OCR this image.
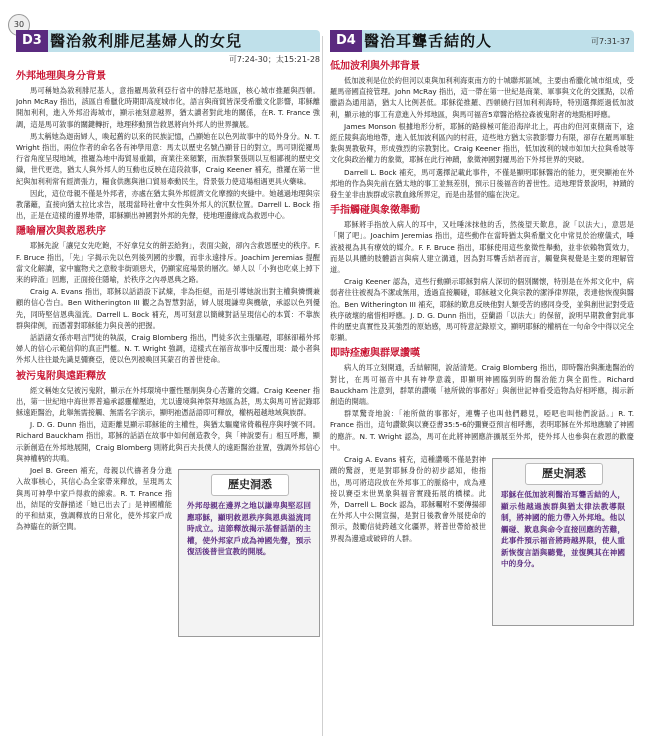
30
D3 醫治敘利腓尼基婦人的女兒
可7:24-30；太15:21-28
外邦地理與身分背景

馬可稱她為敘利腓尼基人，意指羅馬敘利亞行省中的腓尼基地區，核心城市推羅與西頓。John McRay 指出，該區自希臘化時期即高度城市化，語言與商貿皆深受希臘文化影響，耶穌離開加利利，進入外邦沿海城市，顯示祂刻意越界，猶太讀者對此地的關係，在R. T. France 強調，這是馬可敘事的關鍵轉折，地理移動預告救恩將向外邦人的世界擴展。

馬太稱她為迦南婦人，喚起舊約以來的民族記憶，凸顯她在以色列故事中的局外身分。N. T. Wright 指出，兩位作者的命名各有神學用意：馬太以歷史名號凸顯昔日的對立，馬可則從羅馬行省角度呈現地域，推羅為地中海貿易重鎮，商業往來頻繁，而族群緊張則以互相鄙視的歷史交織，世代更迭，猶太人與外邦人的互動也反映在這段敘事，Craig Keener 補充，推羅在第一世紀與加利利常有經濟張力，糧食供應與港口貿易牽動民生，背景張力使這場相遇更具火藥味。

因此，這位母親不僅是外邦者，亦處在猶太與外邦經濟文化摩擦的夾縫中。她越過地理與宗教藩籬，直接向猶太拉比求告，展現當時社會中女性與外邦人的沉默位置。Darrell L. Bock 指出，正是在這樣的邊界地帶，耶穌顯出神國對外邦的先聲，使地理邊緣成為救恩中心。

隱喻層次與救恩秩序

耶穌先說「讓兒女先吃飽，不好拿兒女的餅丟給狗」，表面尖銳，卻內含救恩歷史的秩序。F. F. Bruce 指出，「先」字揭示先以色列後列國的步驟，而非永遠排斥。Joachim Jeremias 提醒當文化解讀，家中寵物犬之意較非街頭惡犬，仍顯家庭場景的層次。婦人以「小狗也吃桌上掉下來的碎渣」回應，正面接住隱喻，於秩序之內尋恩典之路。

Craig A. Evans 指出，耶穌以話語設下試煉，非為拒絕，而是引導她說出對主權與憐憫兼顧的信心告白。Ben Witherington III 觀之為智慧對話，婦人展現謙卑與機敏，承認以色列優先，同時堅信恩典溢流。Darrell L. Bock 補充，馬可刻意以簡練對話呈現信心的本質：不靠族群與律例，而憑著對耶穌能力與良善的把握。

話語諸女孫亦唱言門徒的執誤，Craig Blomberg 指出，門徒多次主張驅趕，耶穌卻藉外邦婦人的信心示範信仰的真正門檻。N. T. Wright 強調，這樣式在福音故事中反覆出現：最小者與外邦人往往最先識見彌賽亞，使以色列被喚回其蒙召的普世使命。

被污鬼附與遠距釋放

經文稱她女兒被污鬼附，顯示在外邦環境中靈性壓制與身心苦難的交纏。Craig Keener 指出，第一世紀地中海世界普遍承認靈權壓迫，尤以邊境與神祭拜地區為甚，馬太與馬可皆記錄耶穌遠距醫治，此舉無需接觸、無需名字演示，顯明祂憑話語即可釋放，權柄超越地域與族群。

J. D. G. Dunn 指出，這距離見顯示耶穌能的主權性，與猶太驅魔常倚賴程序與呼號不同。Richard Bauckham 指出，耶穌的話語在故事中如何創造教令，與「神說要有」相互呼應，顯示新創造在外邦地展開，Craig Blomberg 則將此與百夫長僕人的遠距醫治並置，強調外邦信心與神權柄的共鳴。

歷史洞悉
外邦母親在邊界之地以謙卑與堅忍回應耶穌，顯明救恩秩序與恩典溢流同時成立。這節釋放揭示基督話語的主權，使外邦家戶成為神國先聲，預示復活後普世宣教的開展。

Joel B. Green 補充，母親以代禱者身分進入故事核心，其信心為全家帶來釋放，呈現馬太與馬可神學中家戶得救的線索。R. T. France 指出，結尾的安靜描述「她已出去了」是神國權能的平和結束，強調釋放的日常化，使外邦家戶成為神臨在的新空間。

D4 醫治耳聾舌結的人	可7:31-37
低加波利與外邦背景

低加波利是位於約但河以東與加利利海東南方的十城聯邦區域，主要由希臘化城市組成，受羅馬帝國直接管理。John McRay 指出，這一帶在第一世紀是商業、軍事與文化的交匯點，以希臘語為通用語，猶太人比例甚低。耶穌從推羅、西頓繞行回加利利海時，特別選擇經過低加波利，顯示祂的事工有意進入外邦地區，與馬可福音5章醫治格拉森被鬼附者的地點相呼應。

James Monson 根據地形分析，耶穌的路線極可能沿海岸北上，再由約但河東側南下，途經丘陵與高地地帶，進入低加波利區內的村莊，這些地方猶太宗教影響力有限，卻存在羅馬軍駐紮與異教敬拜，形成強烈的宗教對比。Craig Keener 指出，低加波利的城市如加大拉與希坡等文化與政治權力的象徵，耶穌在此行神蹟，象徵神國對羅馬治下外邦世界的突破。

Darrell L. Bock 補充，馬可選擇記載此事件，不僅是顯明耶穌醫治的能力，更突顯祂在外邦地的作為與先前在猶太地的事工並無差別，預示日後福音的普世性。這地理背景說明，神蹟的發生並非由族群或宗教血緣所界定，而是由基督的臨在決定。

手指觸碰與象徵舉動

耶穌將手指放入病人的耳中，又吐唾沫抹他的舌，然後望天歎息，說「以法大」，意思是「開了吧」。Joachim Jeremias 指出，這些動作在當時猶太與希臘文化中常見於治療儀式，唾液被視為具有療效的媒介。F. F. Bruce 指出，耶穌使用這些象徵性舉動，並非依賴物質效力，而是以具體的肢體語言與病人建立溝通，因為對耳聾舌結者而言，觸覺與視覺是主要的理解管道。

Craig Keener 認為，這些行動顯示耶穌對病人深切的個別關懷，特別是在外邦文化中，病弱者往往被視為不潔或無用，透過直接觸碰，耶穌越文化與宗教的潔淨律界限，表達他恢復與醫治。Ben Witherington III 補充，耶穌的歎息反映他對人類受苦的感同身受，並與創世記對受造秩序破壞的痛惜相呼應。J. D. G. Dunn 指出，亞蘭語「以法大」的保留，說明早期教會對此事件的歷史真實性及其強烈的原始感，馬可特意記錄原文，顯明耶穌的權柄在一句命令中得以完全彰顯。

即時痊癒與群眾讚嘆

病人的耳立刻開通，舌結解開，說話清楚。Craig Blomberg 指出，即時醫治與漸進醫治的對比，在馬可福音中具有神學意義，即顯明神國臨到時的醫治能力與全面性。Richard Bauckham 注意到，群眾的讚嘆「祂所做的事都好」與創世記神看受造物為好相呼應，揭示新創造的開端。

群眾驚奇地說：「祂所做的事都好，連聾子也叫他們聽見，啞吧也叫他們說話。」R. T. France 指出，這句讚歎與以賽亞書35:5-6的彌賽亞預言相呼應，表明耶穌在外邦地應驗了神國的應許。N. T. Wright 認為，馬可在此將神國應許擴展至外邦，使外邦人也參與在救恩的歡慶中。

歷史洞悉
耶穌在低加波利醫治耳聾舌結的人，顯示他越過族群與猶太律法教導限制，將神國的能力帶入外邦地。他以觸碰、歎息與命令直接回應的苦難，此事件預示福音將跨越界限，使人重新恢復言語與聽覺，並復興其在神國中的身分。

Craig A. Evans 補充，這種讚嘆不僅是對神蹟的驚訝，更是對耶穌身份的初步認知，他指出，馬可將這段放在外邦事工的脈絡中，成為連接以賽亞末世異象與福音實踐拓展的橋樑。此外，Darrell L. Bock 認為，耶穌囑咐不要傳揚卻在外邦人中公開宣揚，是對日後教會外展使命的預示，鼓勵信徒跨越文化疆界，將普世帶給被世界視為邊遠或破碎的人群。
